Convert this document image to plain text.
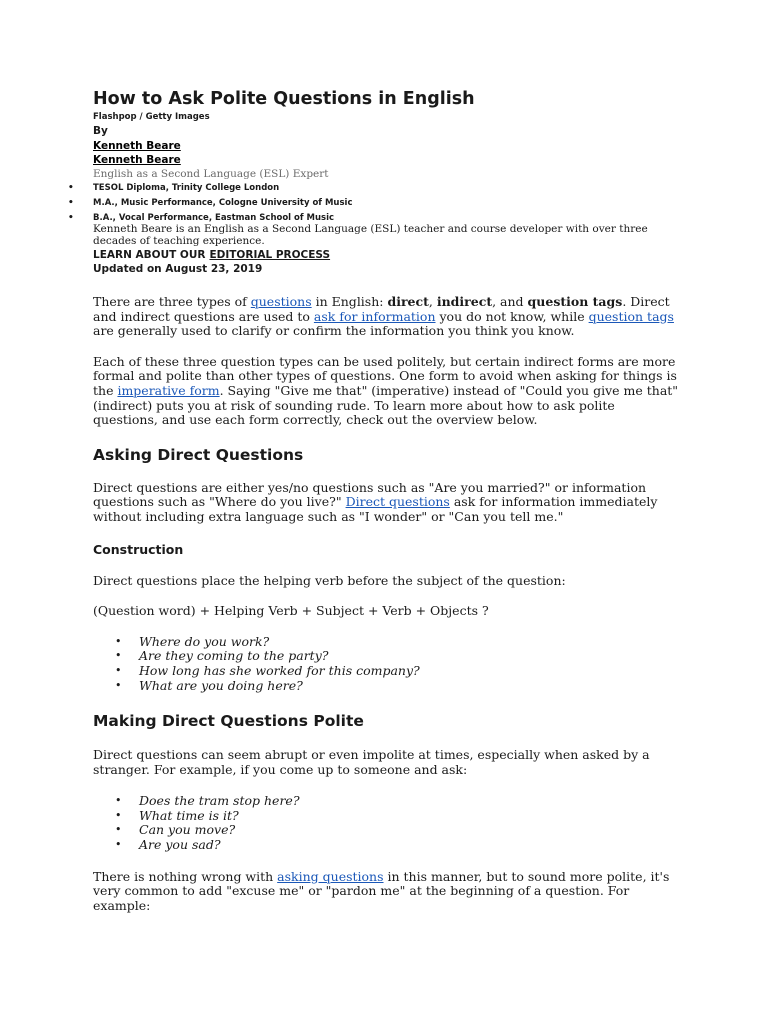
How to Ask Polite Questions in English
Flashpop / Getty Images
By
Kenneth Beare
Kenneth Beare
English as a Second Language (ESL) Expert
• TESOL Diploma, Trinity College London
• M.A., Music Performance, Cologne University of Music
• B.A., Vocal Performance, Eastman School of Music
Kenneth Beare is an English as a Second Language (ESL) teacher and course developer with over three decades of teaching experience.
LEARN ABOUT OUR EDITORIAL PROCESS
Updated on August 23, 2019

There are three types of questions in English: direct, indirect, and question tags. Direct and indirect questions are used to ask for information you do not know, while question tags are generally used to clarify or confirm the information you think you know.

Each of these three question types can be used politely, but certain indirect forms are more formal and polite than other types of questions. One form to avoid when asking for things is the imperative form. Saying "Give me that" (imperative) instead of "Could you give me that" (indirect) puts you at risk of sounding rude. To learn more about how to ask polite questions, and use each form correctly, check out the overview below.

Asking Direct Questions

Direct questions are either yes/no questions such as "Are you married?" or information questions such as "Where do you live?" Direct questions ask for information immediately without including extra language such as "I wonder" or "Can you tell me."

Construction

Direct questions place the helping verb before the subject of the question:

(Question word) + Helping Verb + Subject + Verb + Objects ?

• Where do you work?
• Are they coming to the party?
• How long has she worked for this company?
• What are you doing here?
Making Direct Questions Polite

Direct questions can seem abrupt or even impolite at times, especially when asked by a stranger. For example, if you come up to someone and ask:

• Does the tram stop here?
• What time is it?
• Can you move?
• Are you sad?

There is nothing wrong with asking questions in this manner, but to sound more polite, it's very common to add "excuse me" or "pardon me" at the beginning of a question. For example:
